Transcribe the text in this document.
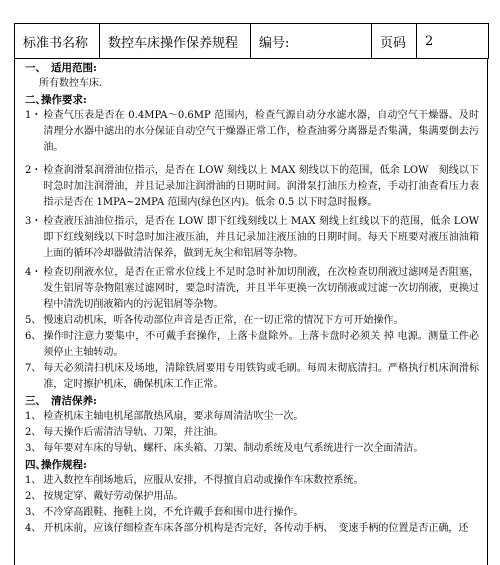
标准书名称	数控车床操作保养规程	编号:	页码	2
一、 适用范围:

所有数控车床.

二、操作要求:
1・ 检查气压表是否在 0.4MPA～0.6MP 范围内，检查气源自动分水滤水器，自动空气干燥器、及时清理分水器中滤出的水分保证自动空气干燥器正常工作，检查油雾分离器是否集满，集满要倒去污油。
2・ 检查润滑泵润滑油位指示，是否在 LOW 刻线以上 MAX 刻线以下的范围，低余 LOW　刻线以下时急时加注润滑油，并且记录加注润滑油的日期时间。润滑泵打油压力检查，手动打油查看压力表指示是否在 1MPA~2MPA 范围内(绿色区内)。低余 0.5 以下时急时报修。
3・ 检查液压油油位指示，是否在 LOW 即下红线刻线以上 MAX 刻线上红线以下的范围，低余 LOW 即下红线刻线以下时急时加注液压油，并且记录加注液压油的日期时间。每天下班要对液压油油箱上面的循环冷却器做清洁保养，做到无灰尘和铝屑等杂物。
4・ 检查切削液水位，是否在正常水位线上不足时急时补加切削液，在次检查切削液过滤网是否阻塞，发生铝屑等杂物阻塞过滤网时，要急时清洗，并且半年更换一次切削液或过滤一次切削液，更换过程中清洗切削液箱内的污泥铝屑等杂物。
5、 慢速启动机床，听各传动部位声音是否正常，在一切正常的情况下方可开始操作。
6、 操作时注意力要集中，不可戴手套操作，上落卡盘除外。上落卡盘时必须关 掉 电源。测量工件必须停止主轴转动。
7、 每天必须清扫机床及场地，清除铁屑要用专用铁钩或毛刷。每周末彻底清扫。严格执行机床润滑标准，定时擦护机床，确保机床工作正常。
三、 清洁保养:
1、 检查机床主轴电机尾部散热风扇，要求每周清洁吹尘一次。
2、 每天操作后需清洁导轨、刀架，并注油。
3、 每年要对车床的导轨、螺杆、床头箱、刀架、制动系统及电气系统进行一次全面清洁。
四、操作规程:
1、 进入数控车削场地后，应服从安排，不得擅自启动或操作车床数控系统。
2、 按规定穿、戴好劳动保护用品。
3、 不冷穿高跟鞋、拖鞋上岗，不允许戴手套和围巾进行操作。
4、 开机床前，应该仔细检查车床各部分机构是否完好，各传动手柄、　变速手柄的位置是否正确，还
